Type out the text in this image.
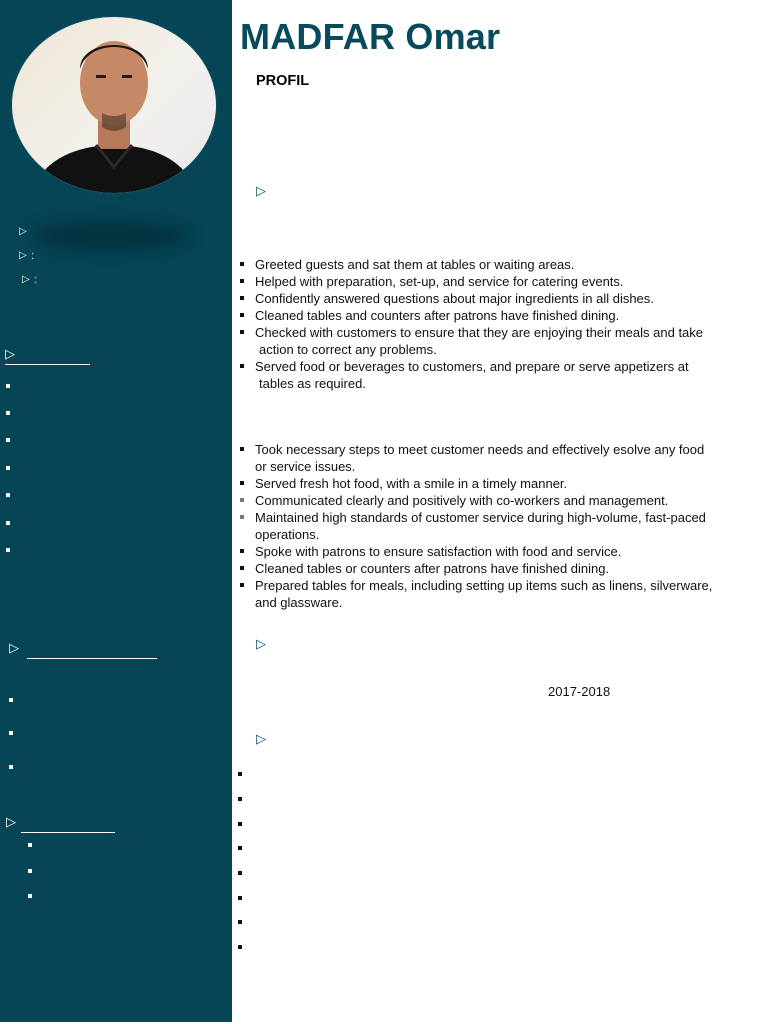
▷
▷ :
▷ :
▷
▷
▷
MADFAR Omar
PROFIL
▷
Greeted guests and sat them at tables or waiting areas.
Helped with preparation, set-up, and service for catering events.
Confidently answered questions about major ingredients in all dishes.
Cleaned tables and counters after patrons have finished dining.
Checked with customers to ensure that they are enjoying their meals and take
action to correct any problems.
Served food or beverages to customers, and prepare or serve appetizers at
tables as required.
Took necessary steps to meet customer needs and effectively esolve any food
or service issues.
Served fresh hot food, with a smile in a timely manner.
Communicated clearly and positively with co-workers and management.
Maintained high standards of customer service during high-volume, fast-paced
operations.
Spoke with patrons to ensure satisfaction with food and service.
Cleaned tables or counters after patrons have finished dining.
Prepared tables for meals, including setting up items such as linens, silverware,
and glassware.
▷
2017-2018
▷
